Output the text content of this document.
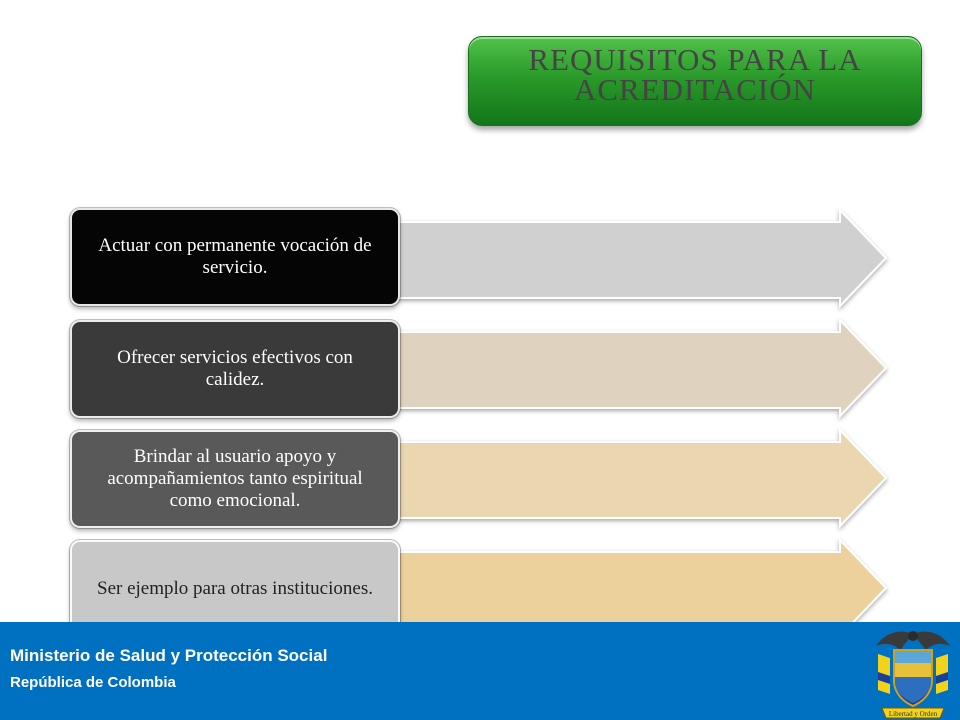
REQUISITOS PARA LA
ACREDITACIÓN
Actuar con permanente vocación de servicio.
Ofrecer servicios efectivos con calidez.
Brindar al usuario apoyo y acompañamientos tanto espiritual como emocional.
Ser ejemplo para otras instituciones.
Ministerio de Salud y Protección Social
República de Colombia
Libertad y Orden
